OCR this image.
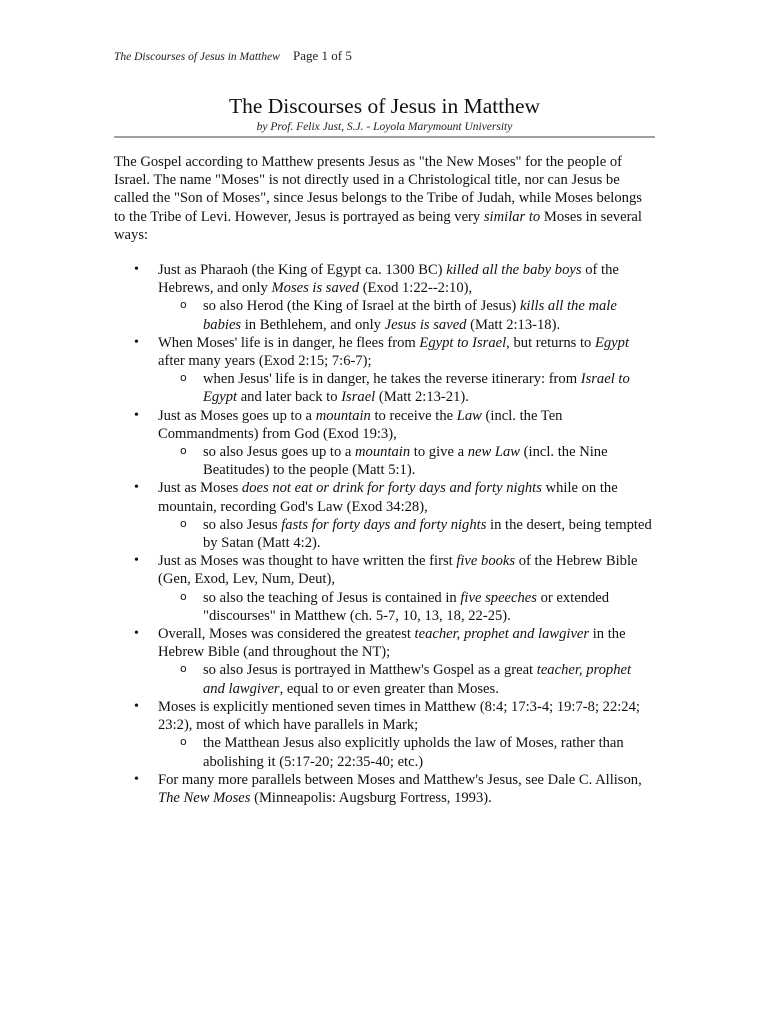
The Discourses of Jesus in Matthew Page 1 of 5
The Discourses of Jesus in Matthew
by Prof. Felix Just, S.J. - Loyola Marymount University

The Gospel according to Matthew presents Jesus as "the New Moses" for the people of Israel. The name "Moses" is not directly used in a Christological title, nor can Jesus be called the "Son of Moses", since Jesus belongs to the Tribe of Judah, while Moses belongs to the Tribe of Levi. However, Jesus is portrayed as being very similar to Moses in several ways:

• Just as Pharaoh (the King of Egypt ca. 1300 BC) killed all the baby boys of the Hebrews, and only Moses is saved (Exod 1:22--2:10),
o so also Herod (the King of Israel at the birth of Jesus) kills all the male babies in Bethlehem, and only Jesus is saved (Matt 2:13-18).
• When Moses' life is in danger, he flees from Egypt to Israel, but returns to Egypt after many years (Exod 2:15; 7:6-7);
o when Jesus' life is in danger, he takes the reverse itinerary: from Israel to Egypt and later back to Israel (Matt 2:13-21).
• Just as Moses goes up to a mountain to receive the Law (incl. the Ten Commandments) from God (Exod 19:3),
o so also Jesus goes up to a mountain to give a new Law (incl. the Nine Beatitudes) to the people (Matt 5:1).
• Just as Moses does not eat or drink for forty days and forty nights while on the mountain, recording God's Law (Exod 34:28),
o so also Jesus fasts for forty days and forty nights in the desert, being tempted by Satan (Matt 4:2).
• Just as Moses was thought to have written the first five books of the Hebrew Bible (Gen, Exod, Lev, Num, Deut),
o so also the teaching of Jesus is contained in five speeches or extended "discourses" in Matthew (ch. 5-7, 10, 13, 18, 22-25).
• Overall, Moses was considered the greatest teacher, prophet and lawgiver in the Hebrew Bible (and throughout the NT);
o so also Jesus is portrayed in Matthew's Gospel as a great teacher, prophet and lawgiver, equal to or even greater than Moses.
• Moses is explicitly mentioned seven times in Matthew (8:4; 17:3-4; 19:7-8; 22:24; 23:2), most of which have parallels in Mark;
o the Matthean Jesus also explicitly upholds the law of Moses, rather than abolishing it (5:17-20; 22:35-40; etc.)
• For many more parallels between Moses and Matthew's Jesus, see Dale C. Allison, The New Moses (Minneapolis: Augsburg Fortress, 1993).
